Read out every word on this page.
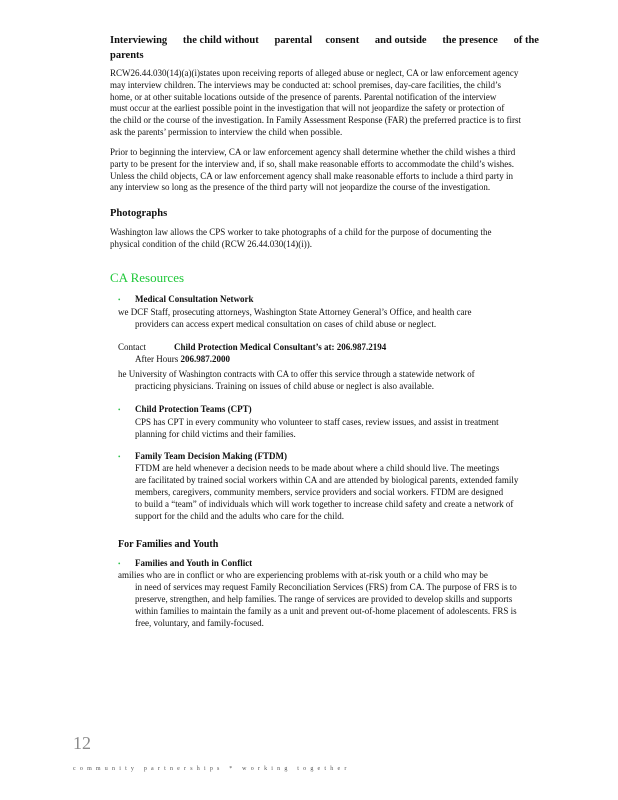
Interviewing      the child without      parental     consent      and outside      the presence      of the
parents
RCW26.44.030(14)(a)(i)states upon receiving reports of alleged abuse or neglect, CA or law enforcement agency
may interview children. The interviews may be conducted at: school premises, day-care facilities, the child’s
home, or at other suitable locations outside of the presence of parents. Parental notification of the interview
must occur at the earliest possible point in the investigation that will not jeopardize the safety or protection of
the child or the course of the investigation. In Family Assessment Response (FAR) the preferred practice is to first
ask the parents’ permission to interview the child when possible.
Prior to beginning the interview, CA or law enforcement agency shall determine whether the child wishes a third
party to be present for the interview and, if so, shall make reasonable efforts to accommodate the child’s wishes.
Unless the child objects, CA or law enforcement agency shall make reasonable efforts to include a third party in
any interview so long as the presence of the third party will not jeopardize the course of the investigation.
Photographs
Washington law allows the CPS worker to take photographs of a child for the purpose of documenting the
physical condition of the child (RCW 26.44.030(14)(i)).
CA Resources
• Medical Consultation Network
we DCF Staff, prosecuting attorneys, Washington State Attorney General’s Office, and health care
providers can access expert medical consultation on cases of child abuse or neglect.
Contact	Child Protection Medical Consultant’s at: 206.987.2194
After Hours 206.987.2000
he University of Washington contracts with CA to offer this service through a statewide network of
practicing physicians. Training on issues of child abuse or neglect is also available.
• Child Protection Teams (CPT)
CPS has CPT in every community who volunteer to staff cases, review issues, and assist in treatment
planning for child victims and their families.
• Family Team Decision Making (FTDM)
FTDM are held whenever a decision needs to be made about where a child should live. The meetings
are facilitated by trained social workers within CA and are attended by biological parents, extended family
members, caregivers, community members, service providers and social workers. FTDM are designed
to build a “team” of individuals which will work together to increase child safety and create a network of
support for the child and the adults who care for the child.
For Families and Youth
• Families and Youth in Conflict
amilies who are in conflict or who are experiencing problems with at-risk youth or a child who may be
in need of services may request Family Reconciliation Services (FRS) from CA. The purpose of FRS is to
preserve, strengthen, and help families. The range of services are provided to develop skills and supports
within families to maintain the family as a unit and prevent out-of-home placement of adolescents. FRS is
free, voluntary, and family-focused.
12
community partnerships * working together
